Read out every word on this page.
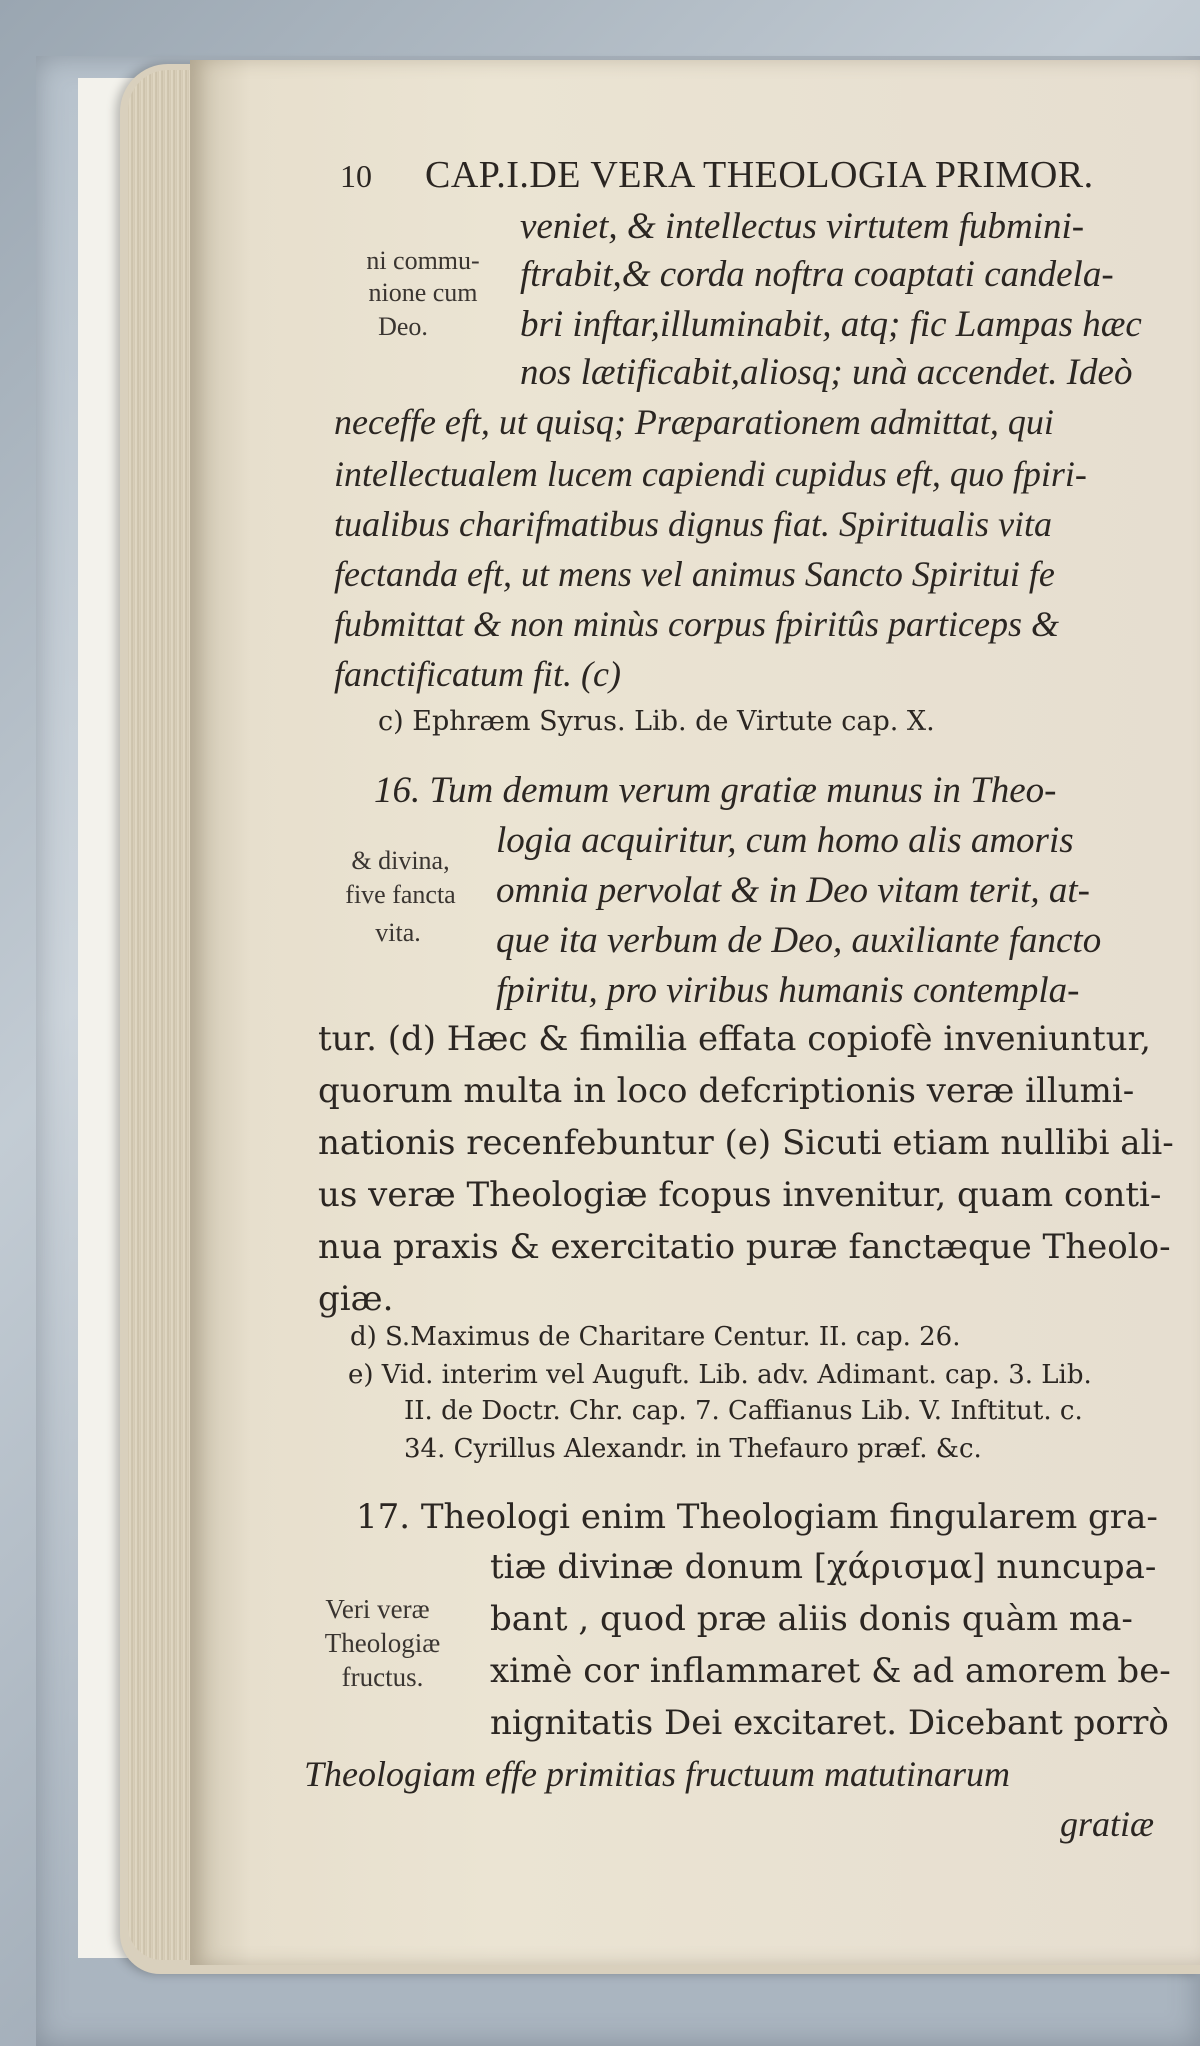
10 CAP.I.DE VERA THEOLOGIA PRIMOR.
ni commu-
nione cum
Deo.
veniet, & intellectus virtutem fubmini-
ftrabit,& corda noftra coaptati candela-
bri inftar,illuminabit, atq; fic Lampas hæc
nos lætificabit,aliosq; unà accendet. Ideò
neceffe eft, ut quisq; Præparationem admittat, qui
intellectualem lucem capiendi cupidus eft, quo fpiri-
tualibus charifmatibus dignus fiat. Spiritualis vita
fectanda eft, ut mens vel animus Sancto Spiritui fe
fubmittat & non minùs corpus fpiritûs particeps &
fanctificatum fit. (c)
c) Ephræm Syrus. Lib. de Virtute cap. X.
16. Tum demum verum gratiæ munus in Theo-
logia acquiritur, cum homo alis amoris
omnia pervolat & in Deo vitam terit, at-
que ita verbum de Deo, auxiliante fancto
fpiritu, pro viribus humanis contempla-
tur. (d) Hæc & fimilia effata copiofè inveniuntur,
quorum multa in loco defcriptionis veræ illumi-
nationis recenfebuntur (e) Sicuti etiam nullibi ali-
us veræ Theologiæ fcopus invenitur, quam conti-
nua praxis & exercitatio puræ fanctæque Theolo-
giæ.
& divina,
five fancta
vita.
d) S.Maximus de Charitare Centur. II. cap. 26.
e) Vid. interim vel Auguft. Lib. adv. Adimant. cap. 3. Lib.
II. de Doctr. Chr. cap. 7. Caffianus Lib. V. Inftitut. c.
34. Cyrillus Alexandr. in Thefauro præf. &c.
17. Theologi enim Theologiam fingularem gra-
tiæ divinæ donum [χάρισμα] nuncupa-
bant , quod præ aliis donis quàm ma-
ximè cor inflammaret & ad amorem be-
nignitatis Dei excitaret. Dicebant porrò
Theologiam effe primitias fructuum matutinarum
gratiæ
Veri veræ
Theologiæ
fructus.
